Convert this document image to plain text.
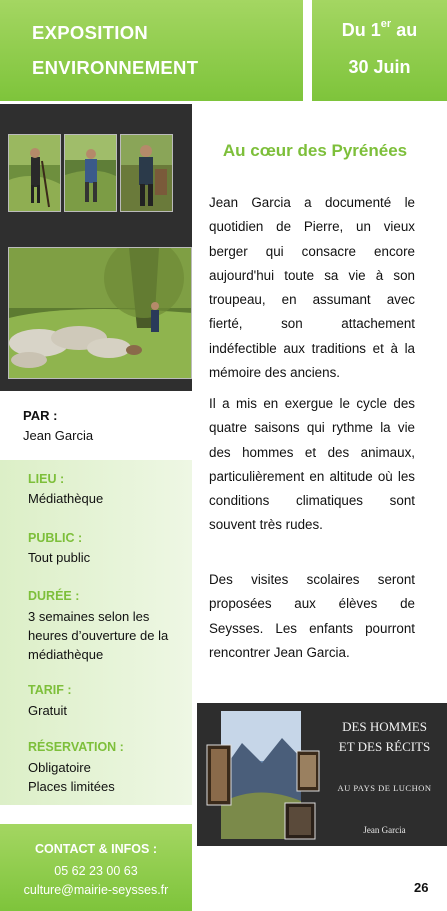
EXPOSITION
ENVIRONNEMENT
Du 1er au
30 Juin
Au cœur des Pyrénées

Jean Garcia a documenté le quotidien de Pierre, un vieux berger qui consacre encore aujourd'hui toute sa vie à son troupeau, en assumant avec fierté, son attachement indéfectible aux traditions et à la mémoire des anciens.

Il a mis en exergue le cycle des quatre saisons qui rythme la vie des hommes et des animaux, particulièrement en altitude où les conditions climatiques sont souvent très rudes.

Des visites scolaires seront proposées aux élèves de Seysses. Les enfants pourront rencontrer Jean Garcia.

PAR :
Jean Garcia
LIEU :
Médiathèque
PUBLIC :
Tout public
DURÉE :
3 semaines selon les heures d’ouverture de la médiathèque
TARIF :
Gratuit
RÉSERVATION :
Obligatoire
Places limitées
CONTACT & INFOS :
05 62 23 00 63
culture@mairie-seysses.fr
DES HOMMES
ET DES RÉCITS
AU PAYS DE LUCHON
Jean Garcia
26
